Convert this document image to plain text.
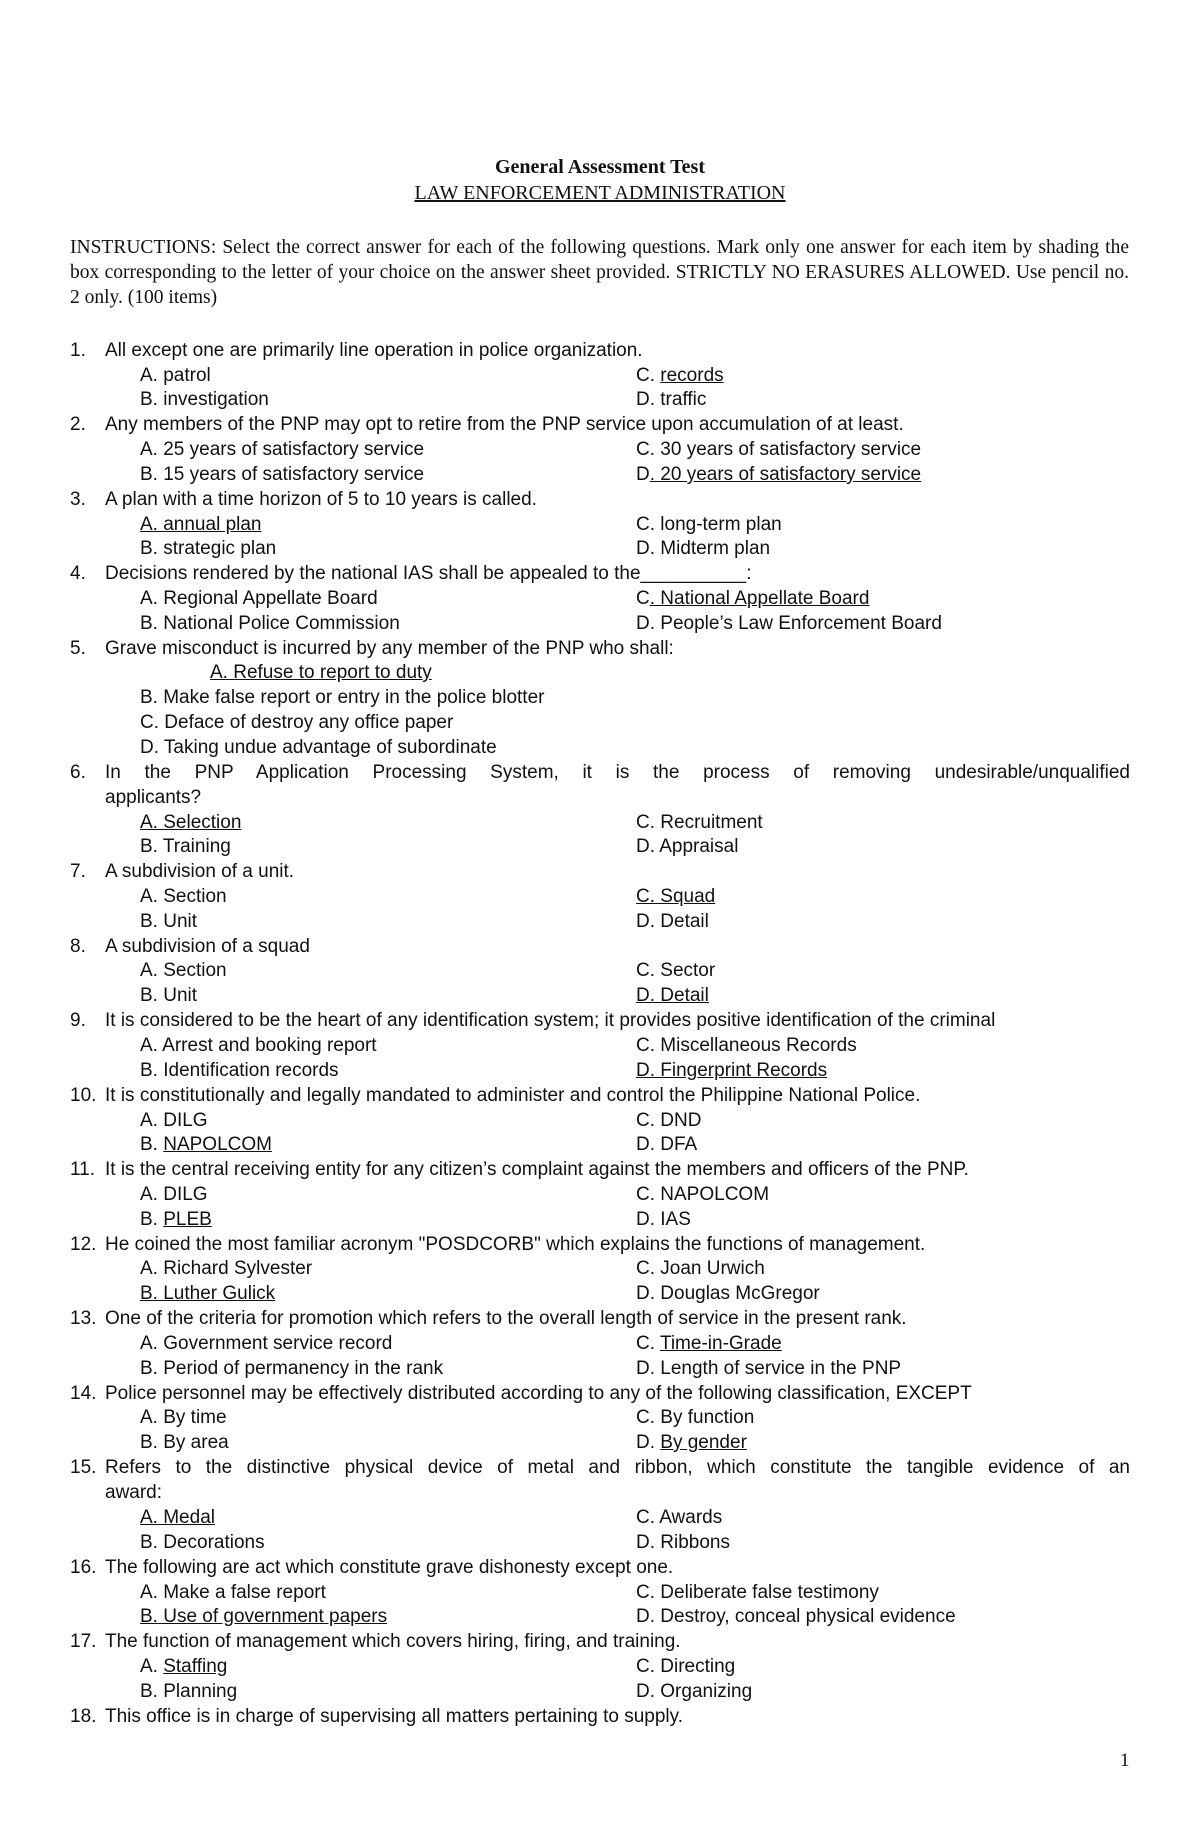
General Assessment Test
LAW ENFORCEMENT ADMINISTRATION
INSTRUCTIONS: Select the correct answer for each of the following questions. Mark only one answer for each item by shading the box corresponding to the letter of your choice on the answer sheet provided. STRICTLY NO ERASURES ALLOWED. Use pencil no. 2 only. (100 items)
1. All except one are primarily line operation in police organization.
A. patrol	C. records
B. investigation	D. traffic
2. Any members of the PNP may opt to retire from the PNP service upon accumulation of at least.
A. 25 years of satisfactory service	C. 30 years of satisfactory service
B. 15 years of satisfactory service	D. 20 years of satisfactory service
3. A plan with a time horizon of 5 to 10 years is called.
A. annual plan	C. long-term plan
B. strategic plan	D. Midterm plan
4. Decisions rendered by the national IAS shall be appealed to the__________:
A. Regional Appellate Board	C. National Appellate Board
B. National Police Commission	D. People’s Law Enforcement Board
5. Grave misconduct is incurred by any member of the PNP who shall:
A. Refuse to report to duty
B. Make false report or entry in the police blotter
C. Deface of destroy any office paper
D. Taking undue advantage of subordinate
6. In the PNP Application Processing System, it is the process of removing undesirable/unqualified
applicants?
A. Selection	C. Recruitment
B. Training	D. Appraisal
7. A subdivision of a unit.
A. Section	C. Squad
B. Unit	D. Detail
8. A subdivision of a squad
A. Section	C. Sector
B. Unit	D. Detail
9. It is considered to be the heart of any identification system; it provides positive identification of the criminal
A. Arrest and booking report	C. Miscellaneous Records
B. Identification records	D. Fingerprint Records
10. It is constitutionally and legally mandated to administer and control the Philippine National Police.
A. DILG	C. DND
B. NAPOLCOM	D. DFA
11. It is the central receiving entity for any citizen’s complaint against the members and officers of the PNP.
A. DILG	C. NAPOLCOM
B. PLEB	D. IAS
12. He coined the most familiar acronym "POSDCORB" which explains the functions of management.
A. Richard Sylvester	C. Joan Urwich
B. Luther Gulick	D. Douglas McGregor
13. One of the criteria for promotion which refers to the overall length of service in the present rank.
A. Government service record	C. Time-in-Grade
B. Period of permanency in the rank	D. Length of service in the PNP
14. Police personnel may be effectively distributed according to any of the following classification, EXCEPT
A. By time	C. By function
B. By area	D. By gender
15. Refers to the distinctive physical device of metal and ribbon, which constitute the tangible evidence of an
award:
A. Medal	C. Awards
B. Decorations	D. Ribbons
16. The following are act which constitute grave dishonesty except one.
A. Make a false report	C. Deliberate false testimony
B. Use of government papers	D. Destroy, conceal physical evidence
17. The function of management which covers hiring, firing, and training.
A. Staffing	C. Directing
B. Planning	D. Organizing
18. This office is in charge of supervising all matters pertaining to supply.
1
